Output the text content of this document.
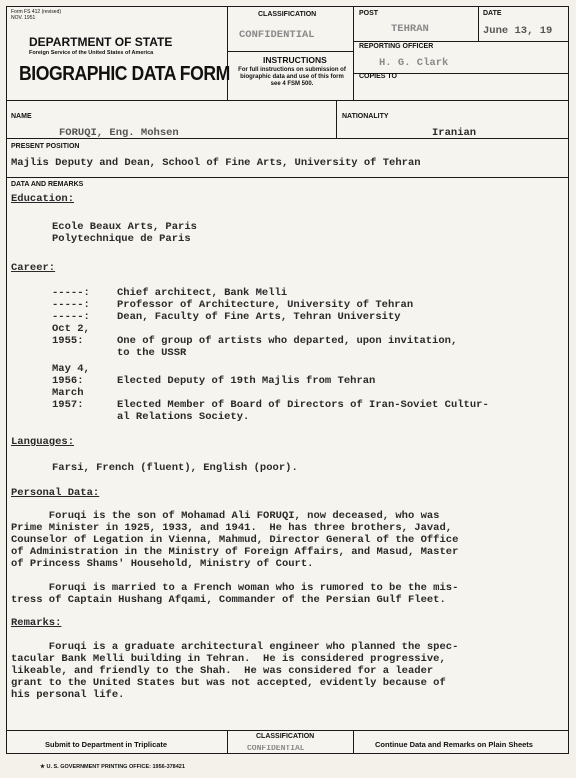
Form FS 412 (revised)
NOV. 1951
DEPARTMENT OF STATE
Foreign Service of the United States of America
BIOGRAPHIC DATA FORM
CLASSIFICATION
CONFIDENTIAL
INSTRUCTIONS
For full instructions on submission of biographic data and use of this form see 4 FSM 500.
POST
TEHRAN
DATE
June 13, 19
REPORTING OFFICER
H. G. Clark
COPIES TO
NAME
FORUQI, Eng. Mohsen
NATIONALITY
Iranian
PRESENT POSITION
Majlis Deputy and Dean, School of Fine Arts, University of Tehran
DATA AND REMARKS
Education:
Ecole Beaux Arts, Paris
Polytechnique de Paris
Career:
-----:	Chief architect, Bank Melli
-----:	Professor of Architecture, University of Tehran
-----:	Dean, Faculty of Fine Arts, Tehran University
Oct 2,
1955:	One of group of artists who departed, upon invitation,
to the USSR
May 4,
1956:	Elected Deputy of 19th Majlis from Tehran
March
1957:	Elected Member of Board of Directors of Iran-Soviet Cultur-
al Relations Society.
Languages:
Farsi, French (fluent), English (poor).
Personal Data:
Foruqi is the son of Mohamad Ali FORUQI, now deceased, who was
Prime Minister in 1925, 1933, and 1941.  He has three brothers, Javad,
Counselor of Legation in Vienna, Mahmud, Director General of the Office
of Administration in the Ministry of Foreign Affairs, and Masud, Master
of Princess Shams' Household, Ministry of Court.
Foruqi is married to a French woman who is rumored to be the mis-
tress of Captain Hushang Afqami, Commander of the Persian Gulf Fleet.
Remarks:
Foruqi is a graduate architectural engineer who planned the spec-
tacular Bank Melli building in Tehran.  He is considered progressive,
likeable, and friendly to the Shah.  He was considered for a leader
grant to the United States but was not accepted, evidently because of
his personal life.
Submit to Department in Triplicate
CLASSIFICATION
CONFIDENTIAL	Continue Data and Remarks on Plain Sheets
★ U. S. GOVERNMENT PRINTING OFFICE: 1956-378421
